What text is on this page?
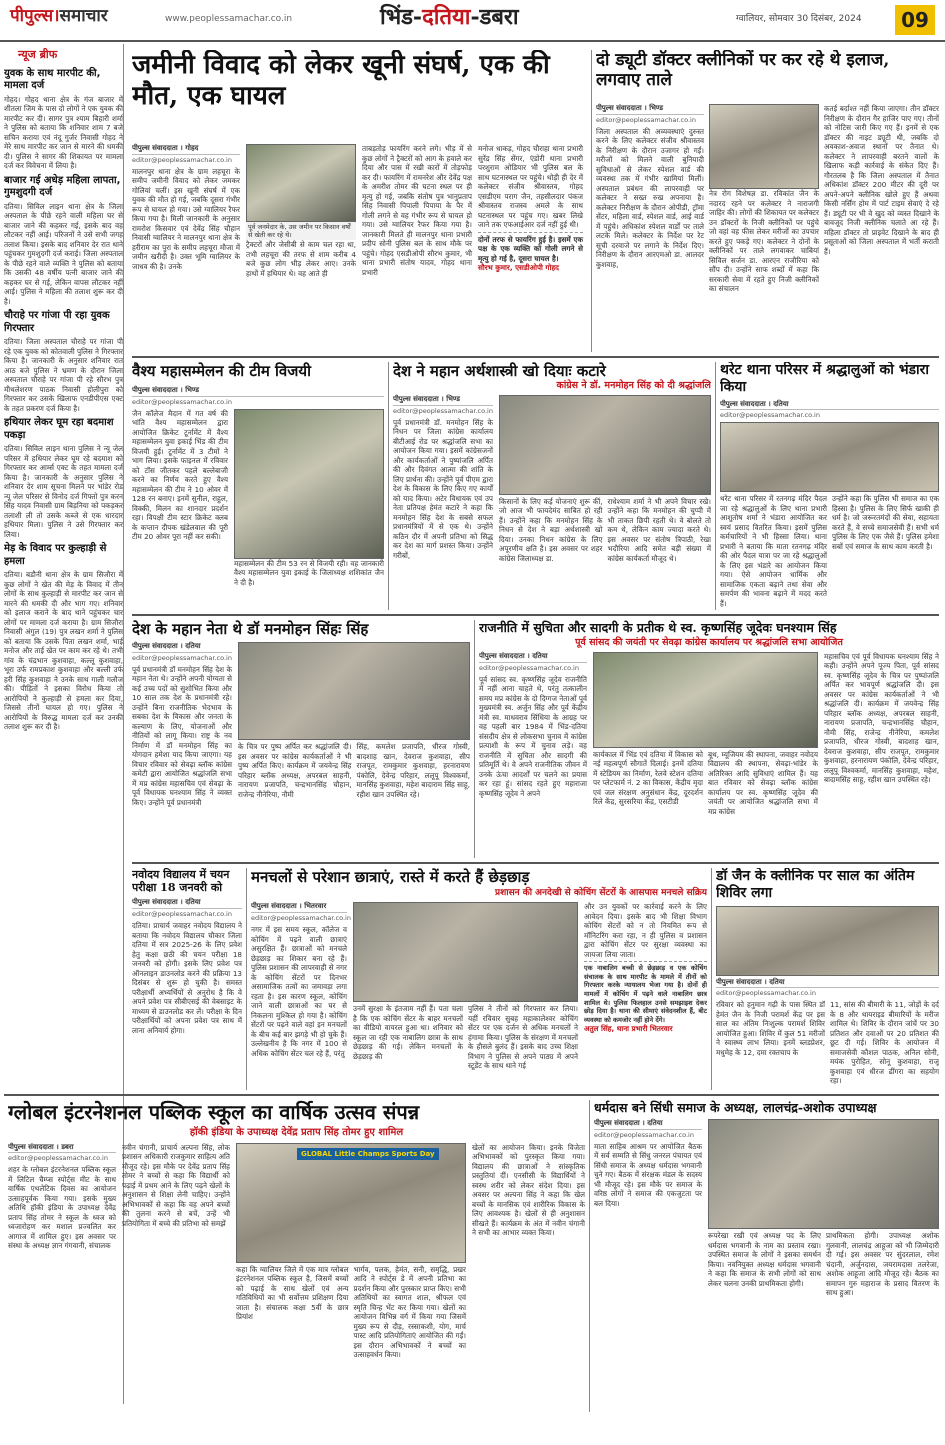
पीपुल्स।समाचार	www.peoplessamachar.co.in	भिंड-दतिया-डबरा	ग्वालियर, सोमवार 30 दिसंबर, 2024	09
न्यूज ब्रीफ
युवक के साथ मारपीट की, मामला दर्ज
गोहद। गोहद थाना क्षेत्र के गंज बाजार में शीतला जिम के पास दो लोगों ने एक युवक की मारपीट कर दी। सागर पुत्र श्याम बिहारी शर्मा ने पुलिस को बताया कि शनिवार शाम 7 बजे सचिन कराया एवं नंदू गुर्जर निवासी गोहद ने मेरे साथ मारपीट कर जान से मारने की धमकी दी। पुलिस ने सागर की शिकायत पर मामला दर्ज कर विवेचना में लिया है।
बाजार गई अधेड़ महिला लापता, गुमशुदगी दर्ज
दतिया। सिविल लाइन थाना क्षेत्र के जिला अस्पताल के पीछे रहने वाली महिला घर से बाजार जाने की कहकर गई, इसके बाद वह लौटकर नहीं आई। परिजनों ने उसे सभी जगह तलाश किया। इसके बाद शनिवार देर रात थाने पहुंचकर गुमशुदगी दर्ज कराई। जिला अस्पताल के पीछे रहने वाले व्यक्ति ने पुलिस को बताया कि उसकी 48 वर्षीय पत्नी बाजार जाने की कहकर घर से गई, लेकिन वापस लौटकर नहीं आई। पुलिस ने महिला की तलाश शुरू कर दी है।
चौराहे पर गांजा पी रहा युवक गिरफ्तार
दतिया। जिला अस्पताल चौराहे पर गांजा पी रहे एक युवक को कोतवाली पुलिस ने गिरफ्तार किया है। जानकारी के अनुसार शनिवार रात आठ बजे पुलिस ने भ्रमण के दौरान जिला अस्पताल चौराहे पर गांजा पी रहे सौरभ पुत्र मीथलेशरण पाठक निवासी होलीपुरा को गिरफ्तार कर उसके खिलाफ एनडीपीएस एक्ट के तहत प्रकरण दर्ज किया है।
हथियार लेकर घूम रहा बदमाश पकड़ा
दतिया। सिविल लाइन थाना पुलिस ने न्यू जेल परिसर में हथियार लेकर घूम रहे बदमाश को गिरफ्तार कर आर्म्स एक्ट के तहत मामला दर्ज किया है। जानकारी के अनुसार पुलिस ने शनिवार देर शाम सूचना मिलने पर भांडेर रोड न्यू जेल परिसर से विनोद दर्ज गिफ्तो पुत्र करन सिंह यादव निवासी ग्राम बिड़निया को पकड़कर तलाशी ली तो उसके कब्जे से एक धारदार हथियार मिला। पुलिस ने उसे गिरफ्तार कर लिया।
मेड़ के विवाद पर कुल्हाड़ी से हमला
दतिया। बडौनी थाना क्षेत्र के ग्राम सिजौरा में कुछ लोगों ने खेत की मेड़ के विवाद में तीन लोगों के साथ कुल्हाड़ी से मारपीट कर जान से मारने की धमकी दी और भाग गए। शनिवार को इलाज कराने के बाद थाने पहुंचकर चार लोगों पर मामला दर्ज कराया है। ग्राम सिजौरा निवासी अंगुल (19) पुत्र लखन शर्मा ने पुलिस को बताया कि उसके पिता लखन शर्मा, भाई मनोज और ताई खेत पर काम कर रहे थे। तभी गांव के चंद्रभान कुशवाहा, कल्लू कुशवाहा, भूरा उर्फ रामप्रकाश कुशवाहा और बल्ली उर्फ हरी सिंह कुशवाहा ने उनके साथ गाली गलौज की। पीड़ितों ने इसका विरोध किया तो आरोपियों ने कुल्हाड़ी से हमला कर दिया, जिससे तीनों घायल हो गए। पुलिस ने आरोपियों के विरुद्ध मामला दर्ज कर उनकी तलाश शुरू कर दी है।
जमीनी विवाद को लेकर खूनी संघर्ष, एक की मौत, एक घायल
पीपुल्स संवाददाता । गोहद
editor@peoplessamachar.co.in
मालनपुर थाना क्षेत्र के ग्राम लहचूरा के समीप जमीनी विवाद को लेकर जमकर गोलियां चलीं। इस खूनी संघर्ष में एक युवक की मौत हो गई, जबकि दूसरा गंभीर रूप से घायल हो गया। उसे ग्वालियर रैफर किया गया है। मिली जानकारी के अनुसार रामरोश किसवार एवं देवेंद्र सिंह चौहान निवासी ग्वालियर ने मालनपुर थाना क्षेत्र के हरीराम का पुरा के समीप लहचूरा मौजा में जमीन खरीदी है। उक्त भूमि ग्वालियर के जाधव की है। उनके
पूर्व जनमेदार के, उस जमीन पर किसान वर्षों से खेती कर रहे थे।
ट्रैक्टरों और जेसीबी से काम चल रहा था, तभी लहचूरा की तरफ से शाम करीब 4 बजे कुछ लोग भीड़ लेकर आए। उनके हाथों में हथियार थे। वह आते ही
ताबड़तोड़ फायरिंग करने लगे। भीड़ में से कुछ लोगों ने ट्रैक्टरों को आग के हवाले कर दिया और पास में रखी कारों में तोड़फोड़ कर दी। फायरिंग में रामनरेश और देवेंद्र पक्ष के अमरीश तोमर की घटना स्थल पर ही मृत्यु हो गई, जबकि संतोष पुत्र भानुप्रताप सिंह निवासी पिपाली पिपाया के पैर में गोली लगने से वह गंभीर रूप से घायल हो गया। उसे ग्वालियर रैफर किया गया है। जानकारी मिलते ही मालनपुर थाना प्रभारी प्रदीप सोनी पुलिस बल के साथ मौके पर पहुंचे। गोहद एसडीओपी सौरभ कुमार, भी थाना प्रभारी संतोष यादव, गोहद थाना प्रभारी
मनोज धाकड़, गोहद चौराहा थाना प्रभारी सुरेंद्र सिंह सेंगर, एंडोरी थाना प्रभारी परशुराम ओडियार भी पुलिस बल के साथ घटनास्थल पर पहुंचे। थोड़ी ही देर में कलेक्टर संजीव श्रीवास्तव, गोहद एसडीएम पराग जैन, तहसीलदार पंकज श्रीवास्तव राजस्व अमले के साथ घटनास्थल पर पहुंच गए। खबर लिखे जाने तक एफआईआर दर्ज नहीं हुई थी।
दोनों तरफ से फायरिंग हुई है। इसमें एक पक्ष के एक व्यक्ति को गोली लगने से मृत्यु हो गई है, दूसरा घायल है।
सौरभ कुमार, एसडीओपी गोहद
दो ड्यूटी डॉक्टर क्लीनिकों पर कर रहे थे इलाज, लगवाए ताले
पीपुल्स संवाददाता । भिण्ड
editor@peoplessamachar.co.in
जिला अस्पताल की अव्यवस्थाएं दुरुस्त करने के लिए कलेक्टर संजीव श्रीवास्तव के निरीक्षण के दौरान उजागर हो गईं। मरीजों को मिलने वाली बुनियादी सुविधाओं से लेकर स्पेशल वार्ड की व्यवस्था तक में गंभीर खामियां मिलीं। अस्पताल प्रबंधन की लापरवाही पर कलेक्टर ने सख्त रुख अपनाया है। कलेक्टर निरीक्षण के दौरान ओपीडी, ट्रॉमा सेंटर, महिला वार्ड, स्पेशल वार्ड, आई वार्ड में पहुंचे। अधिकांश स्पेशल वार्डों पर ताले लटके मिले। कलेक्टर के निर्देश पर रेट सूची दरवाजे पर लगाने के निर्देश दिए। निरीक्षण के दौरान आरएमओ डा. आलदर कुशवाह,
नेत्र रोग विशेषज्ञ डा. रविकांत जैन के नदारद रहने पर कलेक्टर ने नाराजगी जाहिर की। लोगों की शिकायत पर कलेक्टर उन डॉक्टरों के निजी क्लीनिकों पर पहुंचे जो वहां वह फीस लेकर मरीजों का उपचार करते हुए पकड़े गए। कलेक्टर ने दोनों के क्लीनिकों पर ताले लगवाकर चाबियां सिविल सर्जन डा. आरएन राजौरिया को सौंप दी। उन्होंने साफ शब्दों में कहा कि सरकारी सेवा में रहते हुए निजी क्लीनिकों का संचालन
कतई बर्दाश्त नहीं किया जाएगा। तीन डॉक्टर निरीक्षण के दौरान गैर हाजिर पाए गए। तीनों को नोटिस जारी किए गए हैं। इनमें से एक डॉक्टर की नाइट ड्यूटी थी, जबकि दो अवकाश-अवाज स्थानों पर तैनात थे। कलेक्टर ने लापरवाही बरतने वालों के खिलाफ कड़ी कार्रवाई के संकेत दिए हैं। गौरतलब है कि जिला अस्पताल में तैनात अधिकांश डॉक्टर 200 मीटर की दूरी पर अपने-अपने क्लीनिक खोले हुए हैं अथवा किसी नर्सिंग होम में पार्ट टाइम सेवाएं दे रहे हैं। ड्यूटी पर भी वे खुद को व्यस्त दिखाने के बावजूद निजी क्लीनिक चलाते आ रहे हैं। महिला डॉक्टर तो प्राइवेट दिखाने के बाद ही प्रसूताओं को जिला अस्पताल में भर्ती कराती हैं।
वैश्य महासम्मेलन की टीम विजयी
पीपुल्स संवाददाता । भिण्ड
editor@peoplessamachar.co.in
जैन कॉलेज मैदान में गत वर्ष की भांति वैश्य महासम्मेलन द्वारा आयोजित क्रिकेट टूर्नामेंट में वैश्य महासम्मेलन युवा इकाई भिंड की टीम विजयी हुई। टूर्नामेंट में 3 टीमों ने भाग लिया। इसके फाइनल में रविवार को टॉस जीतकर पहले बल्लेबाजी करने का निर्णय करते हुए वैश्य महासम्मेलन की टीम ने 10 ओवर में 128 रन बनाए। इनमें सुनील, राहुल, विक्की, मिलन का शानदार प्रदर्शन रहा। विपक्षी टीम स्टार क्रिकेट क्लब के कप्तान दीपक खंडेलवाल की पूरी टीम 20 ओवर पूरा नहीं कर सकी।
महासम्मेलन की टीम 53 रन से विजयी रही। वह जानकारी वैश्य महासम्मेलन युवा इकाई के जिलाध्यक्ष शशिकांत जैन ने दी है।
देश ने महान अर्थशास्त्री खो दियाः कटारे
कांग्रेस ने डॉ. मनमोहन सिंह को दी श्रद्धांजलि
पीपुल्स संवाददाता । भिण्ड
editor@peoplessamachar.co.in
पूर्व प्रधानमंत्री डॉ. मनमोहन सिंह के निधन पर जिला कांग्रेस कार्यालय बीटीआई रोड पर श्रद्धांजलि सभा का आयोजन किया गया। इसमें कांग्रेसजनों और कार्यकर्ताओं ने पुष्पांजलि अर्पित की और दिवंगत आत्मा की शांति के लिए प्रार्थना की। उन्होंने पूर्व पीएम द्वारा देश के विकास के लिए किए गए कार्यों को याद किया। अटेर विधायक एवं उप नेता प्रतिपक्ष हेमंत कटारे ने कहा कि मनमोहन सिंह देश के सबसे सफल प्रधानमंत्रियों में से एक थे। उन्होंने कठिन दौर में अपनी प्रतिभा को सिद्ध कर देश का मार्ग प्रशस्त किया। उन्होंने गरीबों,
किसानों के लिए कई योजनाएं शुरू कीं, जो आज भी फायदेमंद साबित हो रही हैं। उन्होंने कहा कि मनमोहन सिंह के निधन से देश ने बड़ा अर्थशास्त्री खो दिया। उनका निधन कांग्रेस के लिए अपूरणीय क्षति है। इस अवसर पर शहर कांग्रेस जिलाध्यक्ष डा.
राधेश्याम शर्मा ने भी अपने विचार रखे। उन्होंने कहा कि मनमोहन की चुप्पी में भी ताकत छिपी रहती थे। वे बोलते तो कम थे, लेकिन काम ज्यादा करते थे। इस अवसर पर संतोष त्रिपाठी, रेखा भदौरिया आदि समेत बड़ी संख्या में कांग्रेस कार्यकर्ता मौजूद थे।
थरेट थाना परिसर में श्रद्धालुओं को भंडारा किया
पीपुल्स संवाददाता । दतिया
editor@peoplessamachar.co.in
थरेट थाना परिसर में रतनगढ़ मंदिर पैदल जा रहे श्रद्धालुओं के लिए थाना प्रभारी आशुतोष शर्मा ने भंडारा आयोजित कर स्वयं प्रसाद वितरित किया। इसमें पुलिस कर्मचारियों ने भी हिस्सा लिया। थाना प्रभारी ने बताया कि माता रतनगढ़ मंदिर की ओर पैदल यात्रा पर जा रहे श्रद्धालुओं के लिए इस भंडारे का आयोजन किया गया। ऐसे आयोजन धार्मिक और सामाजिक एकता बढ़ाने तथा सेवा और समर्पण की भावना बढ़ाने में मदद करते हैं।
उन्होंने कहा कि पुलिस भी समाज का एक हिस्सा है। पुलिस के लिए सिर्फ खाकी ही धर्म है। जो जरूरतमंदों की सेवा, सहायता करते हैं, वे सच्चे समाजसेवी हैं। सभी धर्म पुलिस के लिए एक जैसे हैं। पुलिस हमेशा सबों एवं समाज के साथ काम करती है।
देश के महान नेता थे डॉ मनमोहन सिंहः सिंह
पीपुल्स संवाददाता । दतिया
editor@peoplessamachar.co.in
पूर्व प्रधानमंत्री डॉ मनमोहन सिंह देश के महान नेता थे। उन्होंने अपनी योग्यता से कई उच्च पदों को सुशोभित किया और 10 साल तक देश के प्रधानमंत्री रहे। उन्होंने बिना राजनीतिक भेदभाव के सबका देश के विकास और जनता के कल्याण के लिए, योजनाओं और नीतियों को लागू किया। राष्ट्र के नव निर्माण में डॉ मनमोहन सिंह का योगदान हमेशा याद किया जाएगा। यह विचार रविवार को सेवढ़ा ब्लॉक कांग्रेस कमेटी द्वारा आयोजित श्रद्धांजलि सभा में मप्र कांग्रेस महासचिव एवं सेवढ़ा के पूर्व विधायक घनश्याम सिंह ने व्यक्त किए। उन्होंने पूर्व प्रधानमंत्री
के चित्र पर पुष्प अर्पित कर श्रद्धांजलि दी। इस अवसर पर कांग्रेस कार्यकर्ताओं ने भी पुष्प अर्पित किए। कार्यक्रम में जयवेन्द्र सिंह परिहार ब्लॉक अध्यक्ष, अपरबल साहनी, नारायण प्रजापति, चन्द्रभानसिंह चौहान, राजेन्द्र नीनेरिया, नौमी
सिंह, कमलेश प्रजापति, धीरज गोस्वी, बादशाह खान, देवराज कुशवाहा, सीप राजपूत, रामकुमार कुशवाहा, हरनारायण पंकोलि, देवेन्द्र परिहार, ललूपू विश्वकर्मा, मानसिंह कुशवाहा, महेश बादाराम सिंह साहू, रहीश खान उपस्थित रहे।
राजनीति में सुचिता और सादगी के प्रतीक थे स्व. कृष्णसिंह जूदेवः घनश्याम सिंह
पूर्व सांसद की जयंती पर सेवढ़ा कांग्रेस कार्यालय पर श्रद्धांजलि सभा आयोजित
पीपुल्स संवाददाता । दतिया
editor@peoplessamachar.co.in
पूर्व सांसद स्व. कृष्णसिंह जूदेव राजनीति में नहीं आना चाहते थे, परंतु तत्कालीन समय मप्र कांग्रेस के दो दिग्गज नेताओं पूर्व मुख्यमंत्री स्व. अर्जुन सिंह और पूर्व केंद्रीय मंत्री स्व. माधवराव सिंधिया के आग्रह पर वह पहली बार 1984 में भिंड-दतिया संसदीय क्षेत्र से लोकसभा चुनाव में कांग्रेस प्रत्याशी के रूप में चुनाव लड़े। वह राजनीति में सुचिता और सादगी की प्रतिमूर्ति थे। वे अपने राजनीतिक जीवन में उनके ऊंचा आदर्शों पर चलने का प्रयास कर रहा हूं। सांसद रहते हुए महाराजा कृष्णसिंह जूदेव ने अपने
कार्यकाल में भिंड एवं दतिया में विकास को नई महत्वपूर्ण सौगातें दिलाई। इनमें दतिया में स्टेडियम का निर्माण, रेलवे स्टेशन दतिया पर प्लेटफार्म नं. 2 का विकास, केंद्रीय मृदा एवं जल संरक्षण अनुसंधान केंद्र, दूरदर्शन रिले केंद्र, सुरसरिया केंद्र, एसटीडी
बूथ, म्यूजियम की स्थापना, जवाहर नवोदय विद्यालय की स्थापना, सेवढ़ा-भांडेर के अतिरिक्त आदि सुविधाएं शामिल हैं। यह बात रविवार को सेवढ़ा ब्लॉक कांग्रेस कार्यालय पर स्व. कृष्णसिंह जूदेव की जयंती पर आयोजित श्रद्धांजलि सभा में मप्र कांग्रेस
महासचिव एवं पूर्व विधायक घनश्याम सिंह ने कही। उन्होंने अपने पूज्य पिता, पूर्व सांसद स्व. कृष्णसिंह जूदेव के चित्र पर पुष्पांजलि अर्पित कर भावपूर्ण श्रद्धांजलि दी। इस अवसर पर कांग्रेस कार्यकर्ताओं ने भी श्रद्धांजलि दी। कार्यक्रम में जयवेन्द्र सिंह परिहार ब्लॉक अध्यक्ष, अपरबल साहनी, नारायण प्रजापति, चन्द्रभानसिंह चौहान, नौमी सिंह, राजेन्द्र नीनेरिया, कमलेश प्रजापति, धीरज गोस्वी, बादशाह खान, देवराज कुशवाहा, सीप राजपूत, रामकुमार कुशवाहा, हरनारायण पंकोलि, देवेन्द्र परिहार, ललूपू विश्वकर्मा, मानसिंह कुशवाहा, महेश, बादामसिंह साहू, रहीश खान उपस्थित रहे।
नवोदय विद्यालय में चयन परीक्षा 18 जनवरी को
पीपुल्स संवाददाता । दतिया
editor@peoplessamachar.co.in
दतिया। प्राचार्य जवाहर नवोदय विद्यालय ने बताया कि नवोदय विद्यालय चौकार जिला दतिया में सत्र 2025-26 के लिए प्रवेश हेतु कक्षा छठी की चयन परीक्षा 18 जनवरी को होगी। इसके लिए प्रवेश पत्र ऑनलाइन डाउनलोड करने की प्रक्रिया 13 दिसंबर से शुरू हो चुकी है। समस्त परीक्षार्थी अभ्यर्थियों से अनुरोध है कि वे अपने प्रवेश पत्र सीबीएसई की वेबसाइट के माध्यम से डाउनलोड कर लें। परीक्षा के दिन परीक्षार्थियों को अपना प्रवेश पत्र साथ में लाना अनिवार्य होगा।
मनचलों से परेशान छात्राएं, रास्ते में करते हैं छेड़छाड़
प्रशासन की अनदेखी से कोचिंग सेंटरों के आसपास मनचले सक्रिय
पीपुल्स संवाददाता । भितरवार
editor@peoplessamachar.co.in
नगर में इस समय स्कूल, कॉलेज व कोचिंग में पढ़ने वाली छात्राएं असुरक्षित हैं। छात्राओं को मनचले छेड़छाड़ का शिकार बना रहे हैं। पुलिस प्रशासन की लापरवाही से नगर के कोचिंग सेंटरों पर दिनभर असामाजिक तत्वों का जमावड़ा लगा रहता है। इस कारण स्कूल, कोचिंग जाने वाली छात्राओं का घर से निकलना मुश्किल हो गया है। कोचिंग सेंटरों पर पढ़ने वाले वहां इन मनचलों के बीच कई बार झगड़े भी हो चुके हैं। उल्लेखनीय है कि नगर में 100 से अधिक कोचिंग सेंटर चल रहे हैं, परंतु
उनमें सुरक्षा के इंतजाम नहीं हैं। पता चला है कि एक कोचिंग सेंटर के बाहर मनचलों का वीडियो वायरल हुआ था। शनिवार को स्कूल जा रही एक नाबालिग छात्रा के साथ छेड़छाड़ की गई। लेकिन मनचलों के छेड़छाड़ की
पुलिस ने तीनों को गिरफ्तार कर लिया। यहीं रविवार सुबह महाकालेश्वर कोचिंग सेंटर पर एक दर्जन से अधिक मनचलों ने हंगामा किया। पुलिस के संरक्षण में मनचलों के हौसले बुलंद हैं। इसके बाद उच्च शिक्षा विभाग ने पुलिस से अपने पाठ्य में अपने स्टूडेंट के साथ थाने गई
और उन युवकों पर कार्रवाई करने के लिए आवेदन दिया। इसके बाद भी शिक्षा विभाग कोचिंग सेंटरों को न तो नियमित रूप से मॉनिटरिंग करा रहा, न ही पुलिस व प्रशासन द्वारा कोचिंग सेंटर पर सुरक्षा व्यवस्था का जायजा लिया जाता।
एक नाबालिग बच्ची से छेड़छाड़ व एक कोचिंग संचालक के साथ मारपीट के मामले में तीनों को गिरफ्तार करके न्यायालय भेजा गया है। दोनों ही मामलों में कोचिंग में पढ़ने वाले नाबालिग छात्र शामिल थे। पुलिस फिलहाल उनसे समझाइश देकर छोड़ दिया है। थाना की सीमाएं संवेदनशील हैं, बीट व्यवस्था को कमजोर नहीं होने देंगे।
अतुल सिंह, थाना प्रभारी भितरवार
डॉ जैन के क्लीनिक पर साल का अंतिम शिविर लगा
पीपुल्स संवाददाता । दतिया
editor@peoplessamachar.co.in
रविवार को हनुमान गढ़ी के पास स्थित डॉ हेमंत जैन के निजी परामर्श केंद्र पर इस साल का अंतिम निःशुल्क परामर्श शिविर आयोजित हुआ। शिविर में कुल 51 मरीजों ने स्वास्थ्य लाभ लिया। इनमें ब्लडप्रेशर, मधुमेह के 12, दमा रक्तचाप के
11, सांस की बीमारी के 11, जोड़ों के दर्द के 8 और थायराइड बीमारियों के मरीज शामिल थे। शिविर के दौरान जांचें पर 30 प्रतिशत और दवाओं पर 20 प्रतिशत की छूट दी गई। शिविर के आयोजन में समाजसेवी कौशल पाठक, अनिल सोनी, मयंक पुरोहित, सोनू कुशवाहा, राजू कुशवाहा एवं धीरज ढींगरा का सहयोग रहा।
ग्लोबल इंटरनेशनल पब्लिक स्कूल का वार्षिक उत्सव संपन्न
हॉकी इंडिया के उपाध्यक्ष देवेंद्र प्रताप सिंह तोमर हुए शामिल
पीपुल्स संवाददाता । डबरा
editor@peoplessamachar.co.in
शहर के ग्लोबल इंटरनेशनल पब्लिक स्कूल में लिटिल चैम्प्स स्पोर्ट्स मीट के साथ वार्षिक एथलेटिक दिवस का आयोजन उत्साहपूर्वक किया गया। इसके मुख्य अतिथि हॉकी इंडिया के उपाध्यक्ष देवेंद्र प्रताप सिंह तोमर ने स्कूल के ध्वज को ध्वजारोहण कर मशाल प्रज्वलित कर आगाज में शामिल हुए। इस अवसर पर संस्था के अध्यक्ष ज्ञान गंगवानी, संचालक
नवीन चंगानी, प्राचार्य अल्पना सिंह, लोक प्रशासन अधिकारी राजकुमार साहित्य अति मौजूद रहे। इस मौके पर देवेंद्र प्रताप सिंह तोमर ने बच्चों से कहा कि विद्यार्थी को पढ़ाई में प्रथम आने के लिए पढ़ने खेलों के अनुशासन से शिक्षा लेनी चाहिए। उन्होंने अभिभावकों से कहा कि वह अपने बच्चों की तुलना करने से बचें, उन्हें भी प्रतियोगिता में बच्चे की प्रतिभा को समझें
GLOBAL Little Champs Sports Day
कहा कि ग्वालियर जिले में एक मात्र ग्लोबल इंटरनेशनल पब्लिक स्कूल है, जिसमें बच्चों को पढ़ाई के साथ खेलों एवं अन्य गतिविधियों का भी सर्वोत्तम प्रशिक्षण दिया जाता है। संचालक कक्षा 5वीं के छात्र प्रियांश
भार्गव, पलक, हेमंत, सनी, समृद्धि, प्रखर आदि ने स्पोर्ट्स डे में अपनी प्रतिभा का प्रदर्शन किया और पुरस्कार प्राप्त किए। सभी अतिथियों का स्वागत शाल, श्रीफल एवं स्मृति चिन्ह भेंट कर किया गया। खेलों का आयोजन विभिन्न वर्ग में किया गया जिसमें मुख्य रूप से दौड़, रस्साकशी, योग, मार्च पास्ट आदि प्रतियोगिताएं आयोजित की गईं। इस दौरान अभिभावकों ने बच्चों का उत्साहवर्धन किया।
खेलों का आयोजन किया। इनके विजेता अभिभावकों को पुरस्कृत किया गया। विद्यालय की छात्राओं ने सांस्कृतिक प्रस्तुतियां दीं। एनसीसी के विद्यार्थियों ने स्वस्थ शरीर को लेकर संदेश दिया। इस अवसर पर अल्पना सिंह ने कहा कि खेल बच्चों के मानसिक एवं शारीरिक विकास के लिए आवश्यक है। खेलों से ही अनुशासन सीखते हैं। कार्यक्रम के अंत में नवीन चंगानी ने सभी का आभार व्यक्त किया।
धर्मदास बने सिंधी समाज के अध्यक्ष, लालचंद्र-अशोक उपाध्यक्ष
पीपुल्स संवाददाता । दतिया
editor@peoplessamachar.co.in
माता साहिब आश्रम पर आयोजित बैठक में सर्व सम्मति से सिंधु जनरल पंचायत एवं सिंधी समाज के अध्यक्ष धर्मदास भगवानी चुने गए। बैठक में संरक्षक मंडल के सदस्य भी मौजूद रहे। इस मौके पर समाज के वरिष्ठ लोगों ने समाज की एकजुटता पर बल दिया।
रूपरेखा रखी एवं अध्यक्ष पद के लिए धर्मदास भगवानी के नाम का प्रस्ताव रखा। उपस्थित समाज के लोगों ने इसका समर्थन किया। नवनियुक्त अध्यक्ष धर्मदास भगवानी ने कहा कि समाज के सभी लोगों को साथ लेकर चलना उनकी प्राथमिकता होगी।
प्राथमिकता होगी। उपाध्यक्ष अशोक गुलवानी, लालचंद्र आहूजा को भी जिम्मेदारी दी गई। इस अवसर पर सुंदरलाल, रमेश चंदानी, अर्जुनदास, जयरामदास तलरेजा, अशोक आहूजा आदि मौजूद रहे। बैठक का समापन गुरु महाराज के प्रसाद वितरण के साथ हुआ।
